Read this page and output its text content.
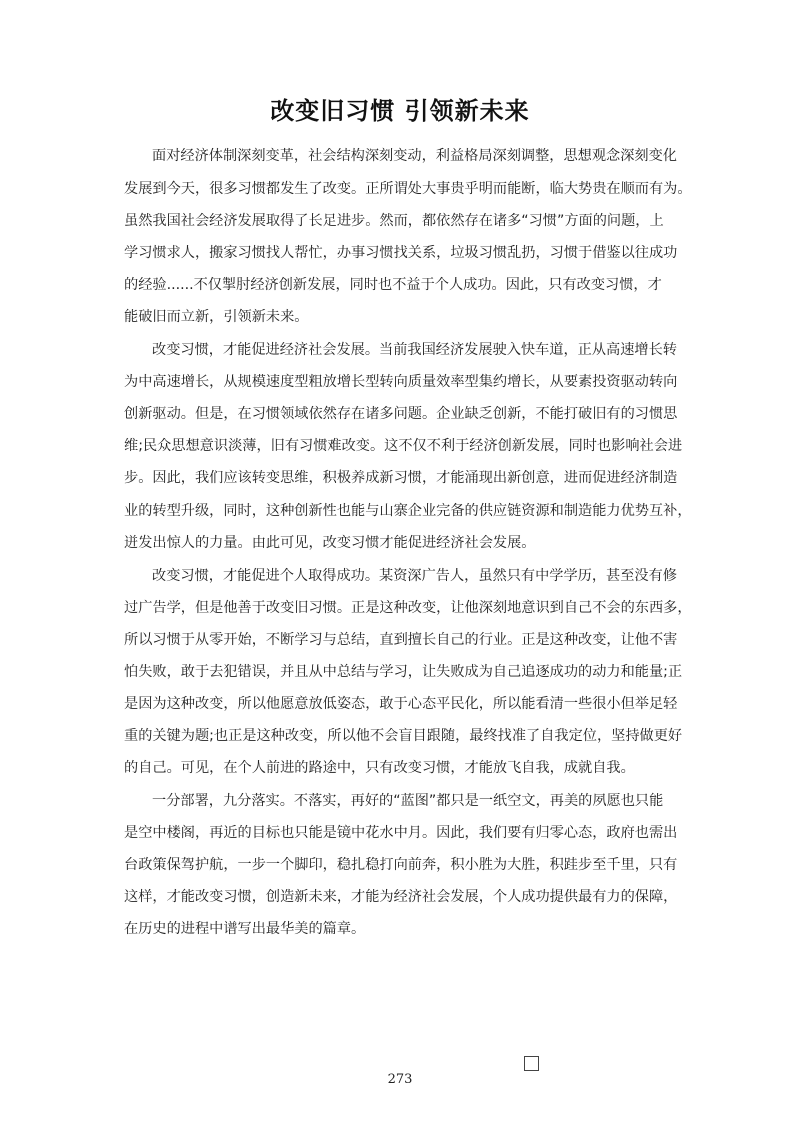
改变旧习惯 引领新未来
面对经济体制深刻变革，社会结构深刻变动，利益格局深刻调整，思想观念深刻变化
发展到今天，很多习惯都发生了改变。正所谓处大事贵乎明而能断，临大势贵在顺而有为。
虽然我国社会经济发展取得了长足进步。然而，都依然存在诸多“习惯”方面的问题，上
学习惯求人，搬家习惯找人帮忙，办事习惯找关系，垃圾习惯乱扔，习惯于借鉴以往成功
的经验......不仅掣肘经济创新发展，同时也不益于个人成功。因此，只有改变习惯，才
能破旧而立新，引领新未来。
改变习惯，才能促进经济社会发展。当前我国经济发展驶入快车道，正从高速增长转
为中高速增长，从规模速度型粗放增长型转向质量效率型集约增长，从要素投资驱动转向
创新驱动。但是，在习惯领域依然存在诸多问题。企业缺乏创新，不能打破旧有的习惯思
维;民众思想意识淡薄，旧有习惯难改变。这不仅不利于经济创新发展，同时也影响社会进
步。因此，我们应该转变思维，积极养成新习惯，才能涌现出新创意，进而促进经济制造
业的转型升级，同时，这种创新性也能与山寨企业完备的供应链资源和制造能力优势互补，
迸发出惊人的力量。由此可见，改变习惯才能促进经济社会发展。
改变习惯，才能促进个人取得成功。某资深广告人，虽然只有中学学历，甚至没有修
过广告学，但是他善于改变旧习惯。正是这种改变，让他深刻地意识到自己不会的东西多，
所以习惯于从零开始，不断学习与总结，直到擅长自己的行业。正是这种改变，让他不害
怕失败，敢于去犯错误，并且从中总结与学习，让失败成为自己追逐成功的动力和能量;正
是因为这种改变，所以他愿意放低姿态，敢于心态平民化，所以能看清一些很小但举足轻
重的关键为题;也正是这种改变，所以他不会盲目跟随，最终找准了自我定位，坚持做更好
的自己。可见，在个人前进的路途中，只有改变习惯，才能放飞自我，成就自我。
一分部署，九分落实。不落实，再好的“蓝图”都只是一纸空文，再美的夙愿也只能
是空中楼阁，再近的目标也只能是镜中花水中月。因此，我们要有归零心态，政府也需出
台政策保驾护航，一步一个脚印，稳扎稳打向前奔，积小胜为大胜，积跬步至千里，只有
这样，才能改变习惯，创造新未来，才能为经济社会发展，个人成功提供最有力的保障，
在历史的进程中谱写出最华美的篇章。
273
